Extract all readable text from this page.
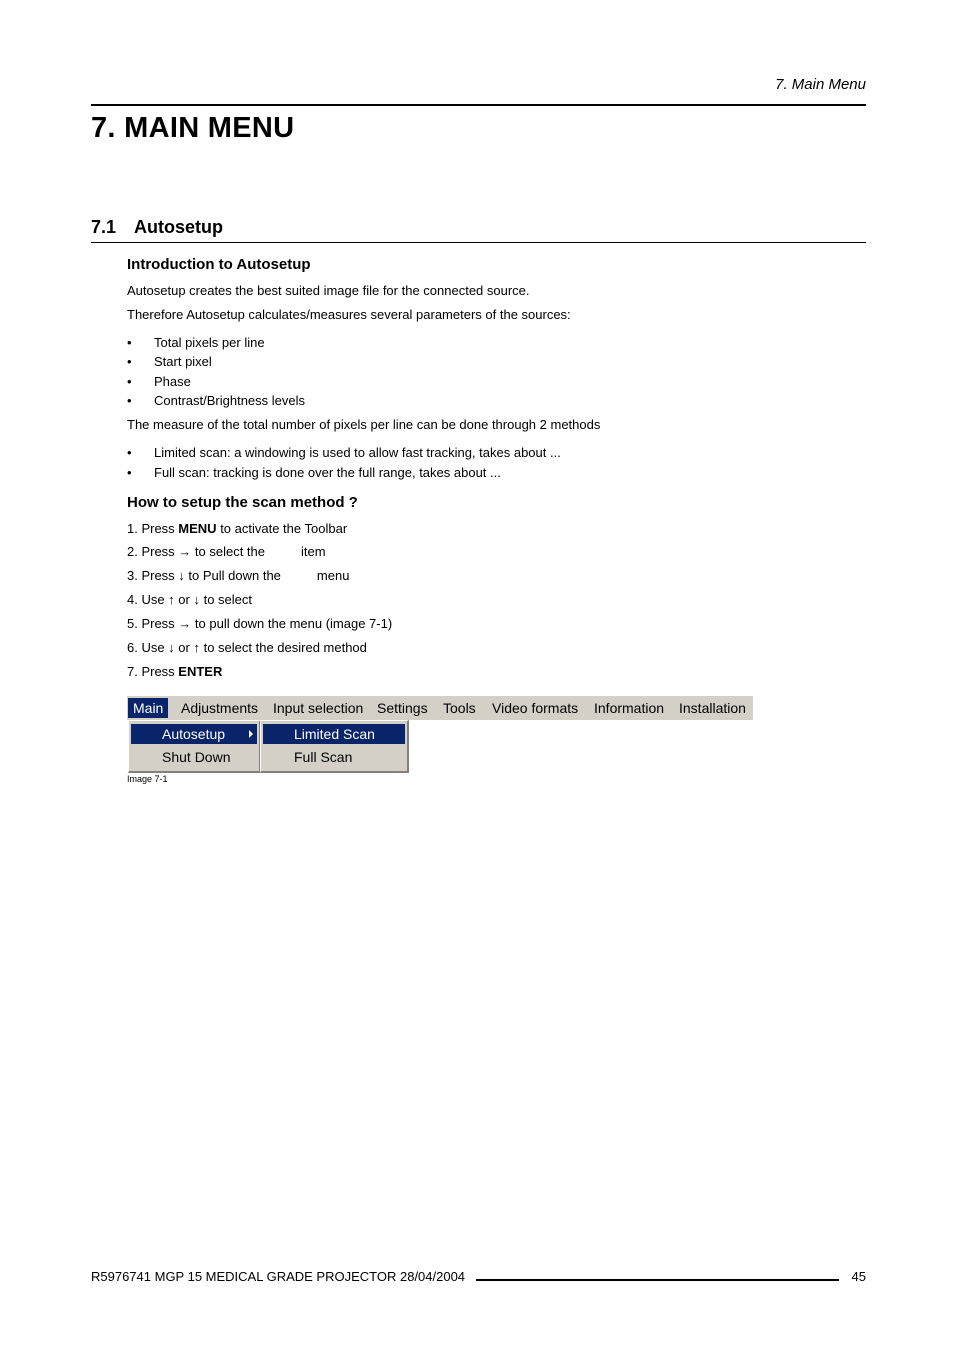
7. Main Menu
7. MAIN MENU
7.1 Autosetup
Introduction to Autosetup
Autosetup creates the best suited image file for the connected source.
Therefore Autosetup calculates/measures several parameters of the sources:
• Total pixels per line
• Start pixel
• Phase
• Contrast/Brightness levels
The measure of the total number of pixels per line can be done through 2 methods
• Limited scan: a windowing is used to allow fast tracking, takes about ...
• Full scan: tracking is done over the full range, takes about ...
How to setup the scan method ?
1. Press MENU to activate the Toolbar
2. Press → to select the	item
3. Press ↓ to Pull down the	menu
4. Use ↑ or ↓ to select
5. Press → to pull down the menu (image 7-1)
6. Use ↓ or ↑ to select the desired method
7. Press ENTER
Main	Adjustments Input selection Settings Tools Video formats Information Installation
Autosetup
Shut Down
Limited Scan
Full Scan
Image 7-1
R5976741 MGP 15 MEDICAL GRADE PROJECTOR 28/04/2004	45
